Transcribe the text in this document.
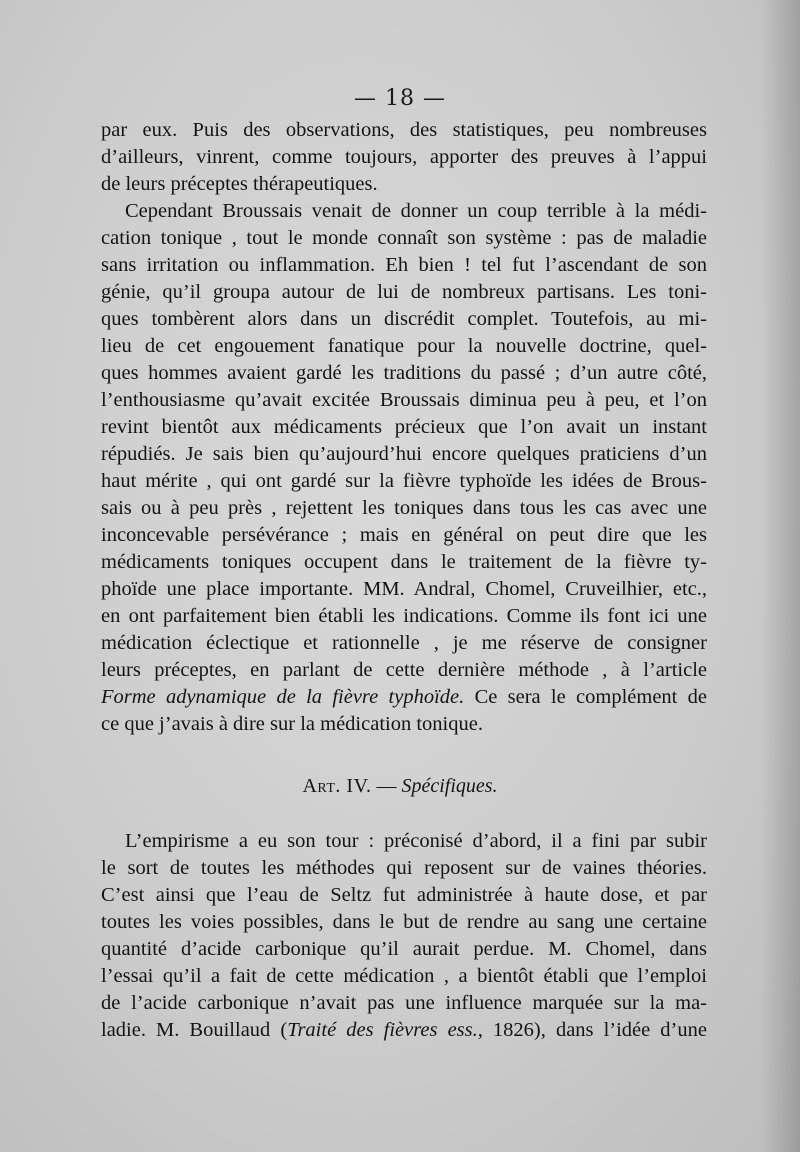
— 18 —
par eux. Puis des observations, des statistiques, peu nombreuses
d’ailleurs, vinrent, comme toujours, apporter des preuves à l’appui
de leurs préceptes thérapeutiques.
Cependant Broussais venait de donner un coup terrible à la médi-
cation tonique , tout le monde connaît son système : pas de maladie
sans irritation ou inflammation. Eh bien ! tel fut l’ascendant de son
génie, qu’il groupa autour de lui de nombreux partisans. Les toni-
ques tombèrent alors dans un discrédit complet. Toutefois, au mi-
lieu de cet engouement fanatique pour la nouvelle doctrine, quel-
ques hommes avaient gardé les traditions du passé ; d’un autre côté,
l’enthousiasme qu’avait excitée Broussais diminua peu à peu, et l’on
revint bientôt aux médicaments précieux que l’on avait un instant
répudiés. Je sais bien qu’aujourd’hui encore quelques praticiens d’un
haut mérite , qui ont gardé sur la fièvre typhoïde les idées de Brous-
sais ou à peu près , rejettent les toniques dans tous les cas avec une
inconcevable persévérance ; mais en général on peut dire que les
médicaments toniques occupent dans le traitement de la fièvre ty-
phoïde une place importante. MM. Andral, Chomel, Cruveilhier, etc.,
en ont parfaitement bien établi les indications. Comme ils font ici une
médication éclectique et rationnelle , je me réserve de consigner
leurs préceptes, en parlant de cette dernière méthode , à l’article
Forme adynamique de la fièvre typhoïde. Ce sera le complément de
ce que j’avais à dire sur la médication tonique.
Art. IV. — Spécifiques.
L’empirisme a eu son tour : préconisé d’abord, il a fini par subir
le sort de toutes les méthodes qui reposent sur de vaines théories.
C’est ainsi que l’eau de Seltz fut administrée à haute dose, et par
toutes les voies possibles, dans le but de rendre au sang une certaine
quantité d’acide carbonique qu’il aurait perdue. M. Chomel, dans
l’essai qu’il a fait de cette médication , a bientôt établi que l’emploi
de l’acide carbonique n’avait pas une influence marquée sur la ma-
ladie. M. Bouillaud (Traité des fièvres ess., 1826), dans l’idée d’une
